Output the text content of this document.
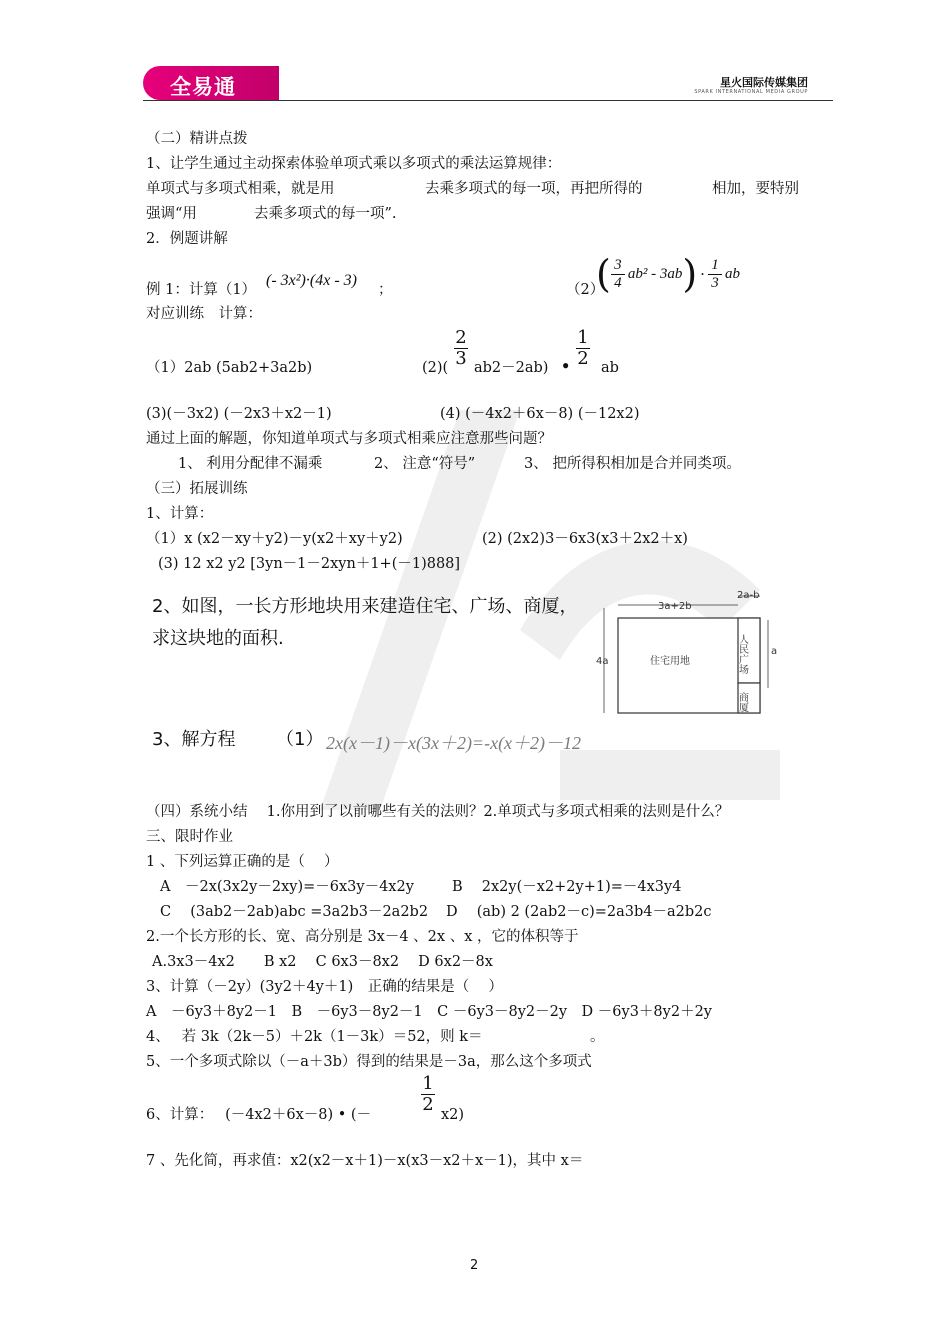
全易通	星火国际传媒集团
SPARK INTERNATIONAL MEDIA GROUP
（二）精讲点拨
1、让学生通过主动探索体验单项式乘以多项式的乘法运算规律：
单项式与多项式相乘，就是用	去乘多项式的每一项，再把所得的	相加，要特别
强调“用	去乘多项式的每一项”.
2．例题讲解
例 1：计算（1）
(- 3x²)·(4x - 3)
；	（2）
( $\frac{3}{4} ab^2 - 3ab$ ) · $\frac{1}{3}$ ab
对应训练　计算：
（1）2ab (5ab2+3a2b)	(2)(
2
3 ab2－2ab) •
1
2 ab
(3)(－3x2) (－2x3＋x2－1)	(4) (－4x2＋6x－8) (－12x2)
通过上面的解题，你知道单项式与多项式相乘应注意那些问题？
1、 利用分配律不漏乘	2、 注意“符号”	3、 把所得积相加是合并同类项。
（三）拓展训练
1、计算：
（1）x (x2－xy＋y2)－y(x2＋xy＋y2)	(2) (2x2)3－6x3(x3＋2x2＋x)
(3) 12 x2 y2 [3yn－1－2xyn＋1+(－1)888]
2、如图，一长方形地块用来建造住宅、广场、商厦，
求这块地的面积.
3a+2b
2a-b
4a
a
住宅用地	人民广场
商厦
3、解方程 （1） 2x(x－1)－x(3x＋2)=-x(x＋2)－12
（四）系统小结　 1.你用到了以前哪些有关的法则？2.单项式与多项式相乘的法则是什么？
三、限时作业
1 、下列运算正确的是（　 ）
A　－2x(3x2y－2xy)=－6x3y－4x2y	B　 2x2y(－x2+2y+1)=－4x3y4
C　 (3ab2－2ab)abc =3a2b3－2a2b2 D　 (ab) 2 (2ab2－c)=2a3b4－a2b2c
2.一个长方形的长、宽、高分别是 3x－4 、2x 、x ，它的体积等于
A.3x3－4x2　　B x2　 C 6x3－8x2　 D 6x2－8x
3、计算（－2y）(3y2＋4y＋1)　正确的结果是（　 ）
A　－6y3＋8y2－1　B　－6y3－8y2－1　C －6y3－8y2－2y　D －6y3＋8y2＋2y
4、　 若 3k（2k－5）＋2k（1－3k）＝52，则 k＝	。
5、一个多项式除以（－a＋3b）得到的结果是－3a，那么这个多项式
6、计算：　 (－4x2＋6x－8) • (－
1
2 x2)
7 、先化简，再求值：x2(x2－x＋1)－x(x3－x2＋x－1)，其中 x＝
2
